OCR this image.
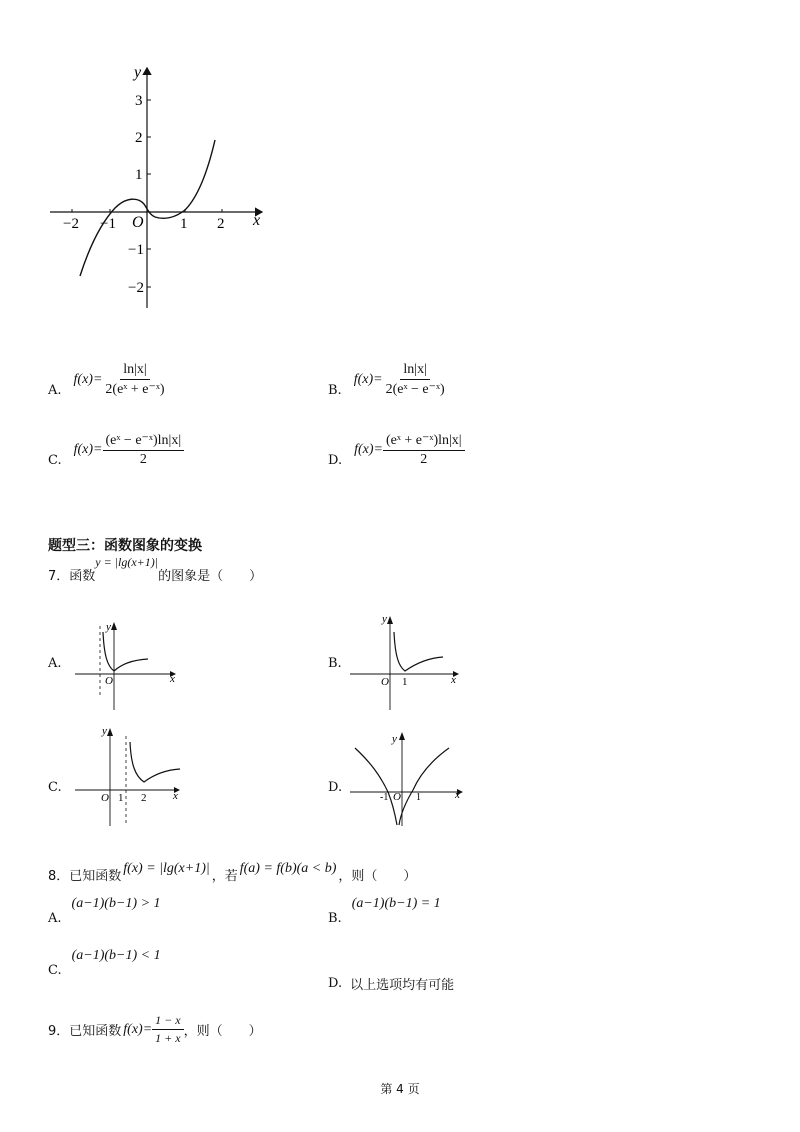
−2 −1	1 2
3
2
1
−1
−2
O	x
y
A.
$f(x)= \frac{\ln|x|}{\text{2(eˣ + e⁻ˣ)}}$	B.
$f(x)= \frac{\ln|x|}{\text{2(eˣ − e⁻ˣ)}}$
C.
$f(x)= \frac{\text{(eˣ − e⁻ˣ)ln|x|}}{2}$	D.
$f(x)= \frac{\text{(eˣ + e⁻ˣ)ln|x|}}{2}$
题型三：函数图象的变换
7．函数
y = |lg(x+1)|
的图象是（　　）
A.
x
y
O
B.
x
y
O 1
C.
x
y
O 1 2
D.	x
y
O
-1	1
8．已知函数
f(x) = |lg(x+1)|
，若
f(a) = f(b)(a < b)
，则（　　）
A.
(a−1)(b−1) > 1
B.
(a−1)(b−1) = 1
C.
(a−1)(b−1) < 1
D. 以上选项均有可能
9．已知函数 $f(x)= \frac{1 - x}{1 + x}$ ，则（　　）
第 4 页
